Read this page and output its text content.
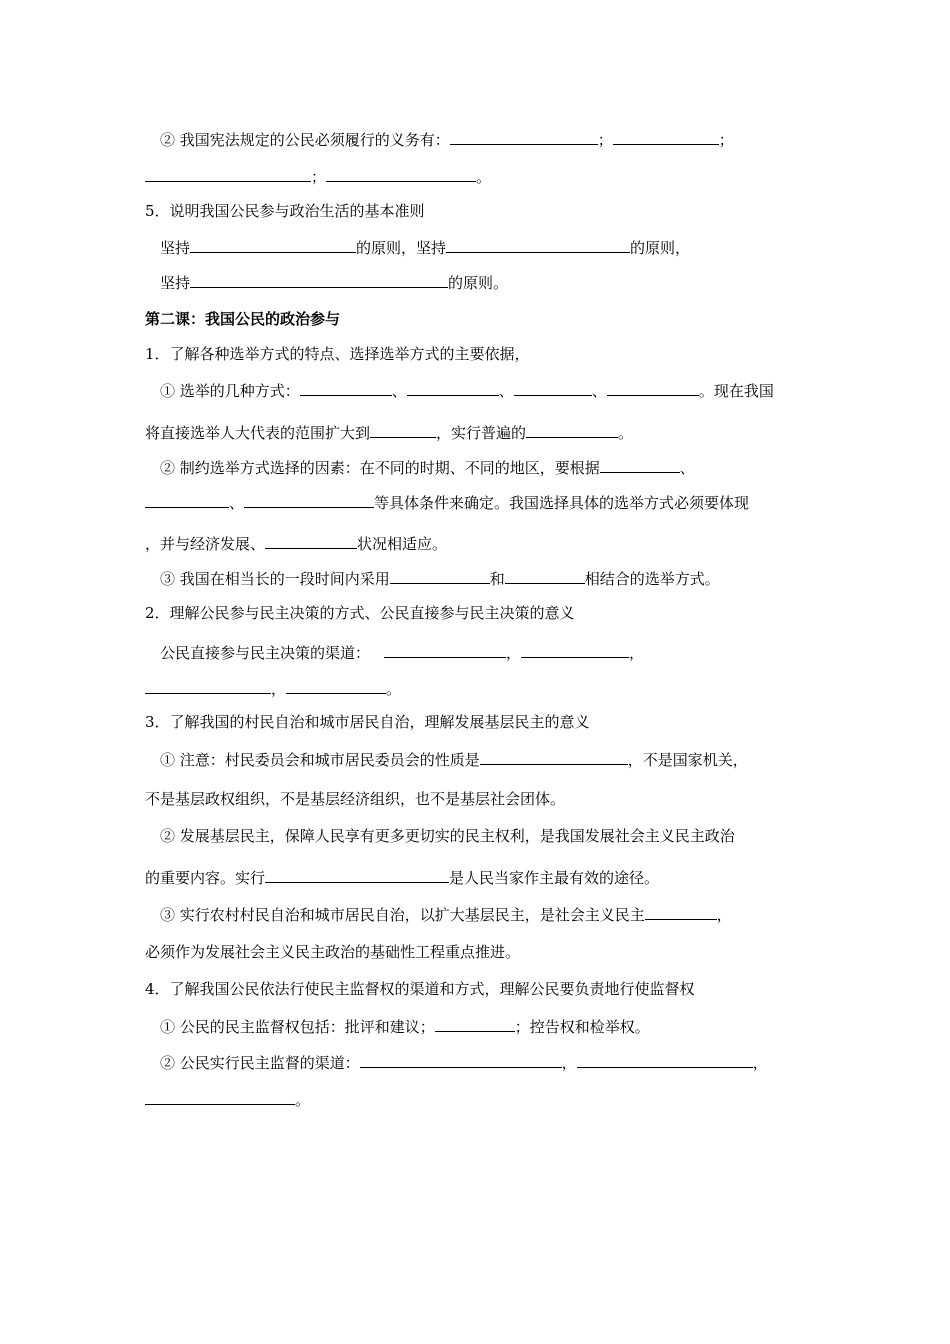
② 我国宪法规定的公民必须履行的义务有：	；	；
；	。
5．说明我国公民参与政治生活的基本准则
坚持	的原则，坚持	的原则，
坚持	的原则。
第二课：我国公民的政治参与
1．了解各种选举方式的特点、选择选举方式的主要依据，
① 选举的几种方式：	、	、	、	。现在我国
将直接选举人大代表的范围扩大到	，实行普遍的	。
② 制约选举方式选择的因素：在不同的时期、不同的地区，要根据	、
、	等具体条件来确定。我国选择具体的选举方式必须要体现
，并与经济发展、	状况相适应。
③ 我国在相当长的一段时间内采用	和	相结合的选举方式。
2．理解公民参与民主决策的方式、公民直接参与民主决策的意义
公民直接参与民主决策的渠道：	，	，
，	。
3．了解我国的村民自治和城市居民自治，理解发展基层民主的意义
① 注意：村民委员会和城市居民委员会的性质是	，不是国家机关，
不是基层政权组织，不是基层经济组织，也不是基层社会团体。
② 发展基层民主，保障人民享有更多更切实的民主权利，是我国发展社会主义民主政治
的重要内容。实行	是人民当家作主最有效的途径。
③ 实行农村村民自治和城市居民自治，以扩大基层民主，是社会主义民主	，
必须作为发展社会主义民主政治的基础性工程重点推进。
4．了解我国公民依法行使民主监督权的渠道和方式，理解公民要负责地行使监督权
① 公民的民主监督权包括：批评和建议；	；控告权和检举权。
② 公民实行民主监督的渠道：	，	，
。
